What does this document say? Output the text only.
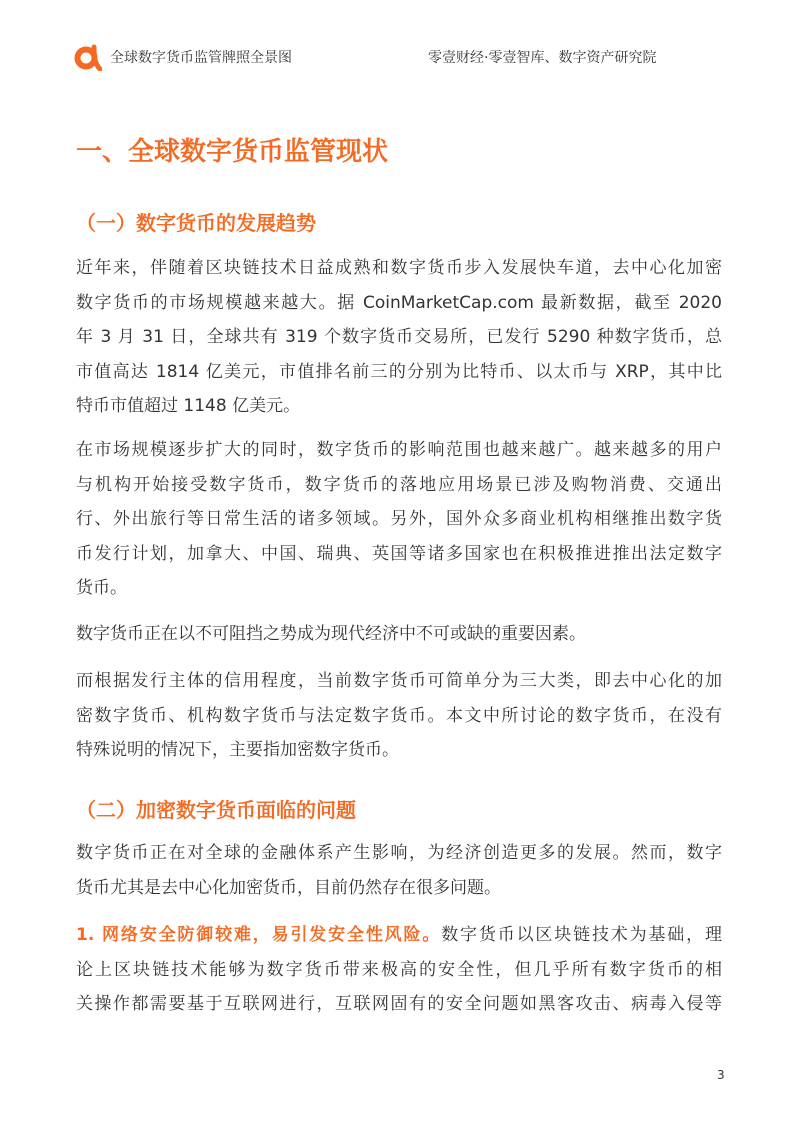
全球数字货币监管牌照全景图	零壹财经·零壹智库、数字资产研究院
一、全球数字货币监管现状
（一）数字货币的发展趋势
近年来，伴随着区块链技术日益成熟和数字货币步入发展快车道，去中心化加密
数字货币的市场规模越来越大。据 CoinMarketCap.com 最新数据，截至 2020
年 3 月 31 日，全球共有 319 个数字货币交易所，已发行 5290 种数字货币，总
市值高达 1814 亿美元，市值排名前三的分别为比特币、以太币与 XRP，其中比
特币市值超过 1148 亿美元。
在市场规模逐步扩大的同时，数字货币的影响范围也越来越广。越来越多的用户
与机构开始接受数字货币，数字货币的落地应用场景已涉及购物消费、交通出
行、外出旅行等日常生活的诸多领域。另外，国外众多商业机构相继推出数字货
币发行计划，加拿大、中国、瑞典、英国等诸多国家也在积极推进推出法定数字
货币。
数字货币正在以不可阻挡之势成为现代经济中不可或缺的重要因素。
而根据发行主体的信用程度，当前数字货币可简单分为三大类，即去中心化的加
密数字货币、机构数字货币与法定数字货币。本文中所讨论的数字货币，在没有
特殊说明的情况下，主要指加密数字货币。
（二）加密数字货币面临的问题
数字货币正在对全球的金融体系产生影响，为经济创造更多的发展。然而，数字
货币尤其是去中心化加密货币，目前仍然存在很多问题。
1. 网络安全防御较难，易引发安全性风险。数字货币以区块链技术为基础，理
论上区块链技术能够为数字货币带来极高的安全性，但几乎所有数字货币的相
关操作都需要基于互联网进行，互联网固有的安全问题如黑客攻击、病毒入侵等
3
